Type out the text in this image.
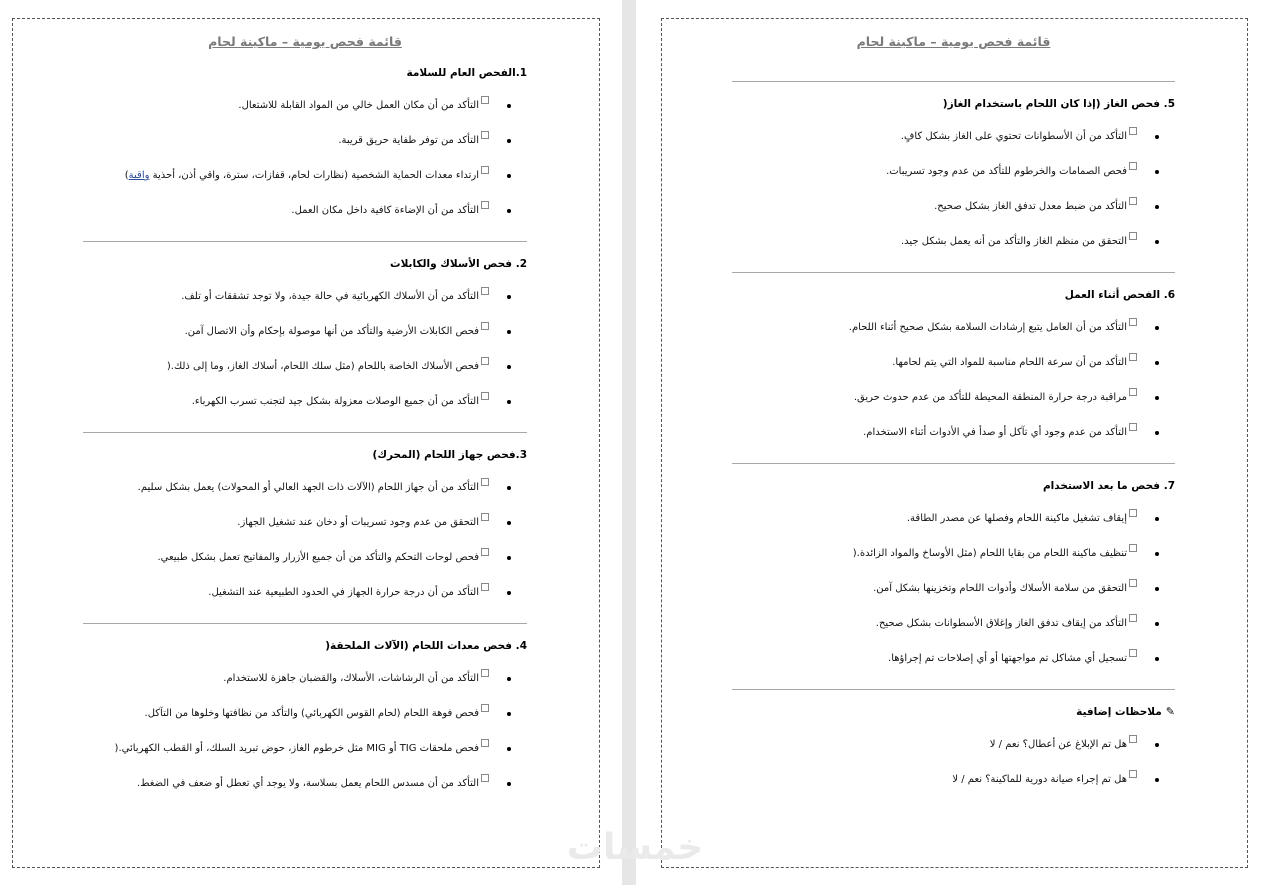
قائمة فحص يومية – ماكينة لحام
1.الفحص العام للسلامة
التأكد من أن مكان العمل خالي من المواد القابلة للاشتعال.
التأكد من توفر طفاية حريق قريبة.
ارتداء معدات الحماية الشخصية (نظارات لحام، قفازات، سترة، واقي أذن، أحذية واقية)
التأكد من أن الإضاءة كافية داخل مكان العمل.
2. فحص الأسلاك والكابلات
التأكد من أن الأسلاك الكهربائية في حالة جيدة، ولا توجد تشققات أو تلف.
فحص الكابلات الأرضية والتأكد من أنها موصولة بإحكام وأن الاتصال آمن.
فحص الأسلاك الخاصة باللحام (مثل سلك اللحام، أسلاك الغاز، وما إلى ذلك.(
التأكد من أن جميع الوصلات معزولة بشكل جيد لتجنب تسرب الكهرباء.
3.فحص جهاز اللحام (المحرك)
التأكد من أن جهاز اللحام (الآلات ذات الجهد العالي أو المحولات) يعمل بشكل سليم.
التحقق من عدم وجود تسريبات أو دخان عند تشغيل الجهاز.
فحص لوحات التحكم والتأكد من أن جميع الأزرار والمفاتيح تعمل بشكل طبيعي.
التأكد من أن درجة حرارة الجهاز في الحدود الطبيعية عند التشغيل.
4. فحص معدات اللحام (الآلات الملحقة(
التأكد من أن الرشاشات، الأسلاك، والقضبان جاهزة للاستخدام.
فحص فوهة اللحام (لحام القوس الكهربائي) والتأكد من نظافتها وخلوها من التآكل.
فحص ملحقات TIG أو MIG مثل خرطوم الغاز، حوض تبريد السلك، أو القطب الكهربائي.(
التأكد من أن مسدس اللحام يعمل بسلاسة، ولا يوجد أي تعطل أو ضعف في الضغط.
قائمة فحص يومية – ماكينة لحام
5. فحص الغاز (إذا كان اللحام باستخدام الغاز(
التأكد من أن الأسطوانات تحتوي على الغاز بشكل كافٍ.
فحص الصمامات والخرطوم للتأكد من عدم وجود تسريبات.
التأكد من ضبط معدل تدفق الغاز بشكل صحيح.
التحقق من منظم الغاز والتأكد من أنه يعمل بشكل جيد.
6. الفحص أثناء العمل
التأكد من أن العامل يتبع إرشادات السلامة بشكل صحيح أثناء اللحام.
التأكد من أن سرعة اللحام مناسبة للمواد التي يتم لحامها.
مراقبة درجة حرارة المنطقة المحيطة للتأكد من عدم حدوث حريق.
التأكد من عدم وجود أي تآكل أو صدأ في الأدوات أثناء الاستخدام.
7. فحص ما بعد الاستخدام
إيقاف تشغيل ماكينة اللحام وفصلها عن مصدر الطاقة.
تنظيف ماكينة اللحام من بقايا اللحام (مثل الأوساخ والمواد الزائدة.(
التحقق من سلامة الأسلاك وأدوات اللحام وتخزينها بشكل آمن.
التأكد من إيقاف تدفق الغاز وإغلاق الأسطوانات بشكل صحيح.
تسجيل أي مشاكل تم مواجهتها أو أي إصلاحات تم إجراؤها.
✎ملاحظات إضافية
هل تم الإبلاغ عن أعطال؟ نعم / لا
هل تم إجراء صيانة دورية للماكينة؟ نعم / لا
خمسات
